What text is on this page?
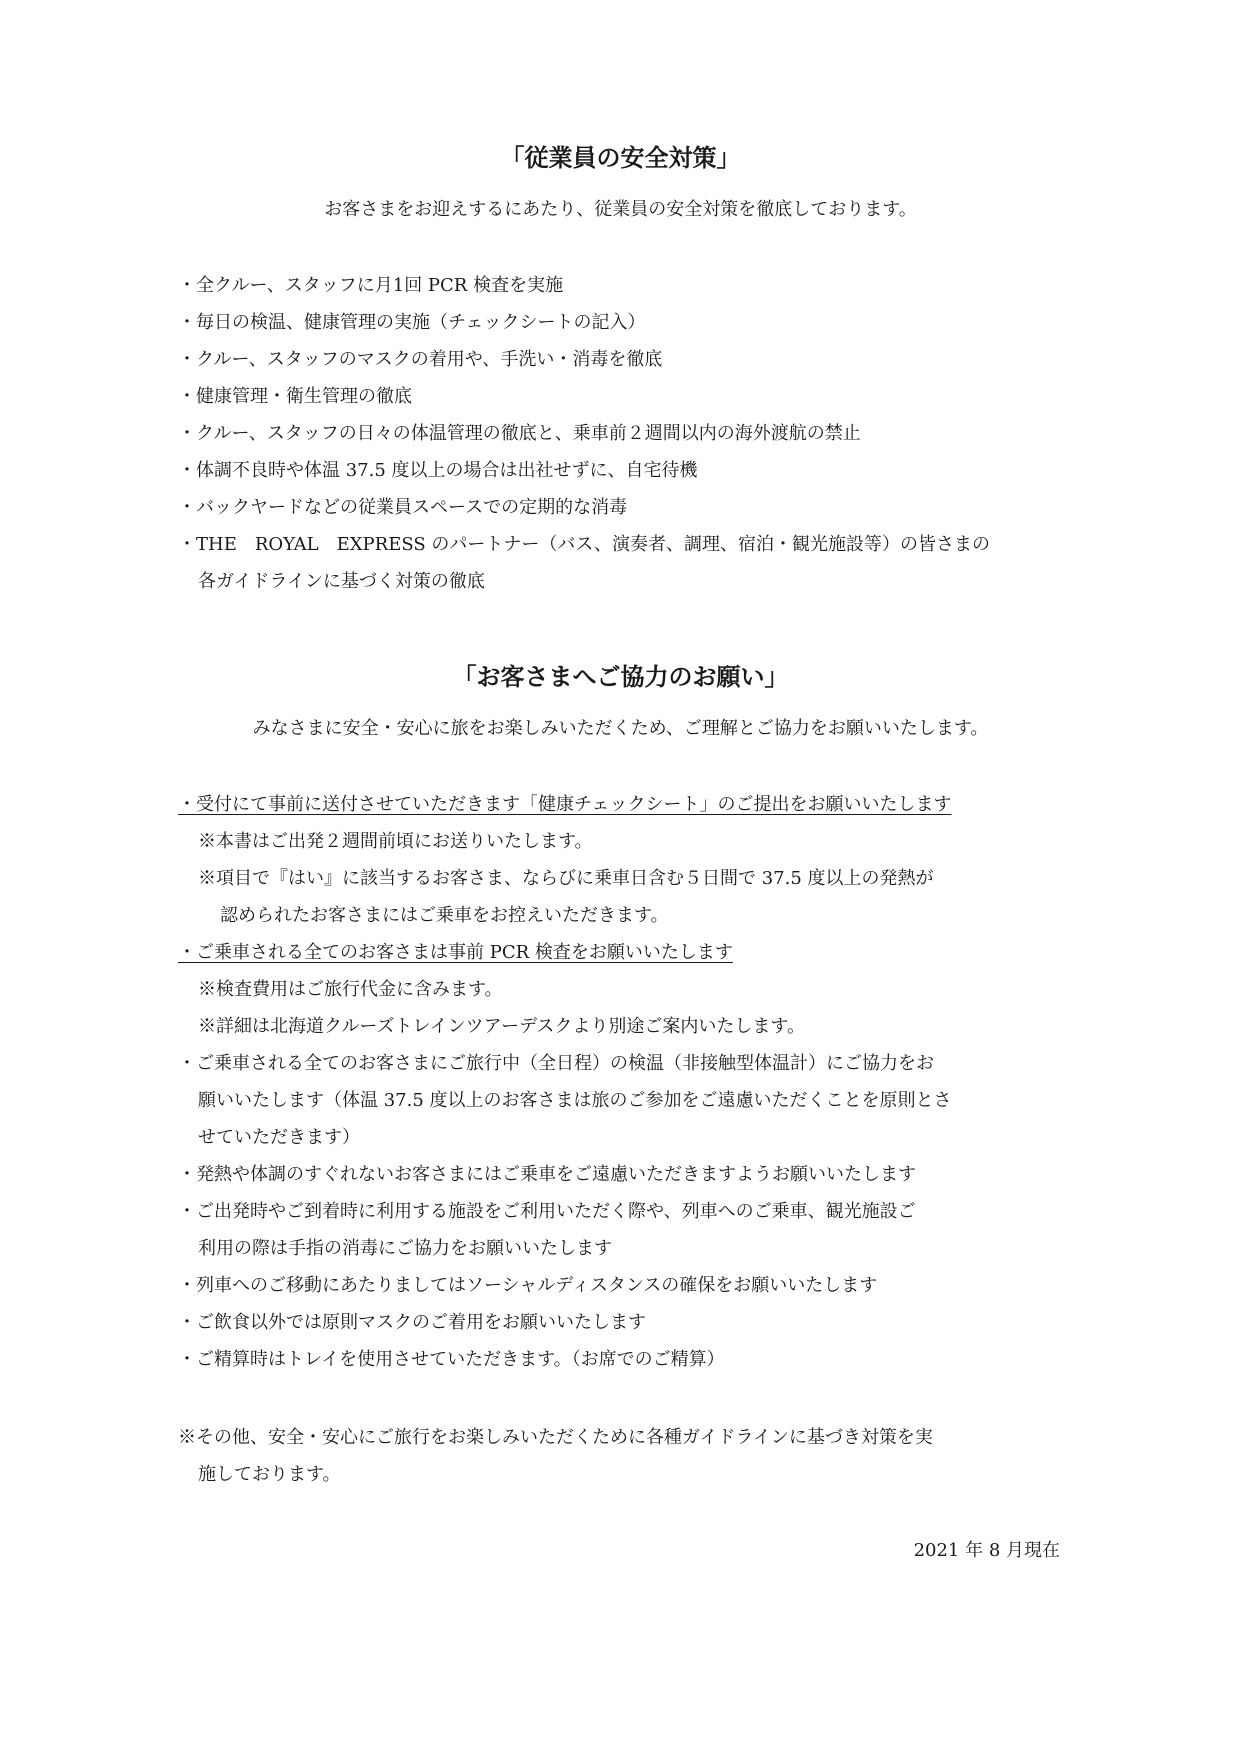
「従業員の安全対策」
お客さまをお迎えするにあたり、従業員の安全対策を徹底しております。
・全クルー、スタッフに月1回 PCR 検査を実施
・毎日の検温、健康管理の実施（チェックシートの記入）
・クルー、スタッフのマスクの着用や、手洗い・消毒を徹底
・健康管理・衛生管理の徹底
・クルー、スタッフの日々の体温管理の徹底と、乗車前２週間以内の海外渡航の禁止
・体調不良時や体温 37.5 度以上の場合は出社せずに、自宅待機
・バックヤードなどの従業員スペースでの定期的な消毒
・THE　ROYAL　EXPRESS のパートナー（バス、演奏者、調理、宿泊・観光施設等）の皆さまの
各ガイドラインに基づく対策の徹底
「お客さまへご協力のお願い」
みなさまに安全・安心に旅をお楽しみいただくため、ご理解とご協力をお願いいたします。
・受付にて事前に送付させていただきます「健康チェックシート」のご提出をお願いいたします
※本書はご出発２週間前頃にお送りいたします。
※項目で『はい』に該当するお客さま、ならびに乗車日含む５日間で 37.5 度以上の発熱が
認められたお客さまにはご乗車をお控えいただきます。
・ご乗車される全てのお客さまは事前 PCR 検査をお願いいたします
※検査費用はご旅行代金に含みます。
※詳細は北海道クルーズトレインツアーデスクより別途ご案内いたします。
・ご乗車される全てのお客さまにご旅行中（全日程）の検温（非接触型体温計）にご協力をお
願いいたします（体温 37.5 度以上のお客さまは旅のご参加をご遠慮いただくことを原則とさ
せていただきます）
・発熱や体調のすぐれないお客さまにはご乗車をご遠慮いただきますようお願いいたします
・ご出発時やご到着時に利用する施設をご利用いただく際や、列車へのご乗車、観光施設ご
利用の際は手指の消毒にご協力をお願いいたします
・列車へのご移動にあたりましてはソーシャルディスタンスの確保をお願いいたします
・ご飲食以外では原則マスクのご着用をお願いいたします
・ご精算時はトレイを使用させていただきます。（お席でのご精算）
※その他、安全・安心にご旅行をお楽しみいただくために各種ガイドラインに基づき対策を実
施しております。
2021 年 8 月現在
